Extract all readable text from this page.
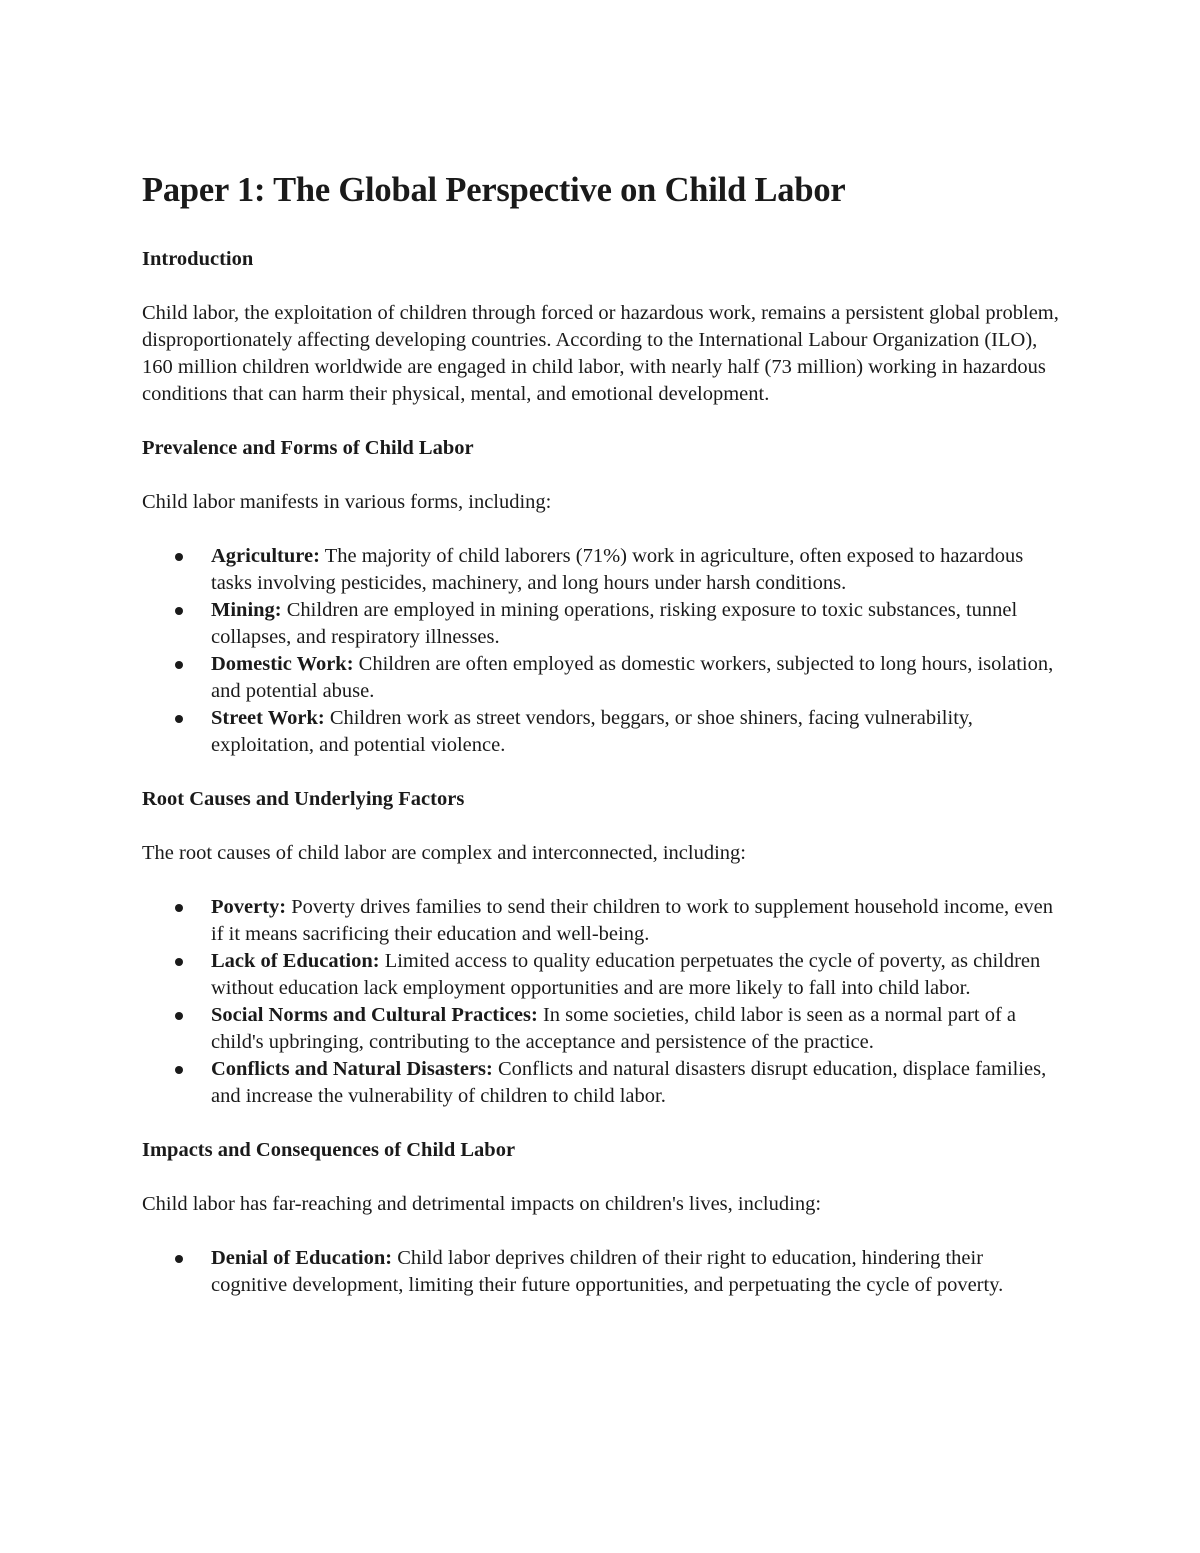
Paper 1: The Global Perspective on Child Labor
Introduction

Child labor, the exploitation of children through forced or hazardous work, remains a persistent global problem, disproportionately affecting developing countries. According to the International Labour Organization (ILO), 160 million children worldwide are engaged in child labor, with nearly half (73 million) working in hazardous conditions that can harm their physical, mental, and emotional development.

Prevalence and Forms of Child Labor

Child labor manifests in various forms, including:

Agriculture: The majority of child laborers (71%) work in agriculture, often exposed to hazardous tasks involving pesticides, machinery, and long hours under harsh conditions.
Mining: Children are employed in mining operations, risking exposure to toxic substances, tunnel collapses, and respiratory illnesses.
Domestic Work: Children are often employed as domestic workers, subjected to long hours, isolation, and potential abuse.
Street Work: Children work as street vendors, beggars, or shoe shiners, facing vulnerability, exploitation, and potential violence.
Root Causes and Underlying Factors

The root causes of child labor are complex and interconnected, including:

Poverty: Poverty drives families to send their children to work to supplement household income, even if it means sacrificing their education and well-being.
Lack of Education: Limited access to quality education perpetuates the cycle of poverty, as children without education lack employment opportunities and are more likely to fall into child labor.
Social Norms and Cultural Practices: In some societies, child labor is seen as a normal part of a child's upbringing, contributing to the acceptance and persistence of the practice.
Conflicts and Natural Disasters: Conflicts and natural disasters disrupt education, displace families, and increase the vulnerability of children to child labor.
Impacts and Consequences of Child Labor

Child labor has far-reaching and detrimental impacts on children's lives, including:

Denial of Education: Child labor deprives children of their right to education, hindering their cognitive development, limiting their future opportunities, and perpetuating the cycle of poverty.
